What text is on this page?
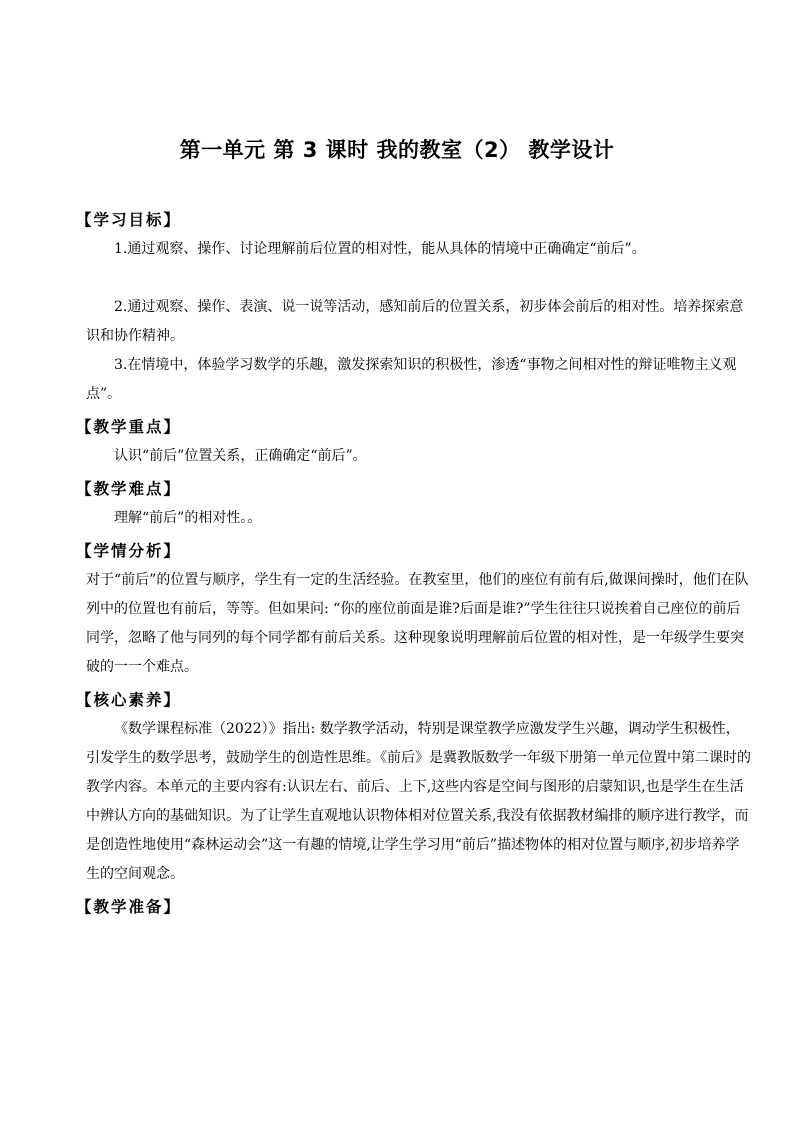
第一单元 第 3 课时 我的教室（2） 教学设计
【学习目标】

1.通过观察、操作、讨论理解前后位置的相对性，能从具体的情境中正确确定“前后”。

2.通过观察、操作、表演、说一说等活动，感知前后的位置关系，初步体会前后的相对性。培养探索意识和协作精神。

3.在情境中，体验学习数学的乐趣，激发探索知识的积极性，渗透“事物之间相对性的辩证唯物主义观点”。

【教学重点】

认识“前后”位置关系，正确确定“前后”。

【教学难点】

理解“前后”的相对性。。

【学情分析】

对于“前后”的位置与顺序，学生有一定的生活经验。在教室里，他们的座位有前有后,做课间操时，他们在队列中的位置也有前后，等等。但如果问: “你的座位前面是谁?后面是谁?”学生往往只说挨着自己座位的前后同学，忽略了他与同列的每个同学都有前后关系。这种现象说明理解前后位置的相对性，是一年级学生要突破的一一个难点。

【核心素养】

《数学课程标准（2022）》指出: 数学教学活动，特别是课堂教学应激发学生兴趣，调动学生积极性，引发学生的数学思考，鼓励学生的创造性思维。《前后》是冀教版数学一年级下册第一单元位置中第二课时的教学内容。本单元的主要内容有:认识左右、前后、上下,这些内容是空间与图形的启蒙知识,也是学生在生活中辨认方向的基础知识。为了让学生直观地认识物体相对位置关系,我没有依据教材编排的顺序进行教学，而是创造性地使用“森林运动会”这一有趣的情境,让学生学习用“前后”描述物体的相对位置与顺序,初步培养学生的空间观念。

【教学准备】
